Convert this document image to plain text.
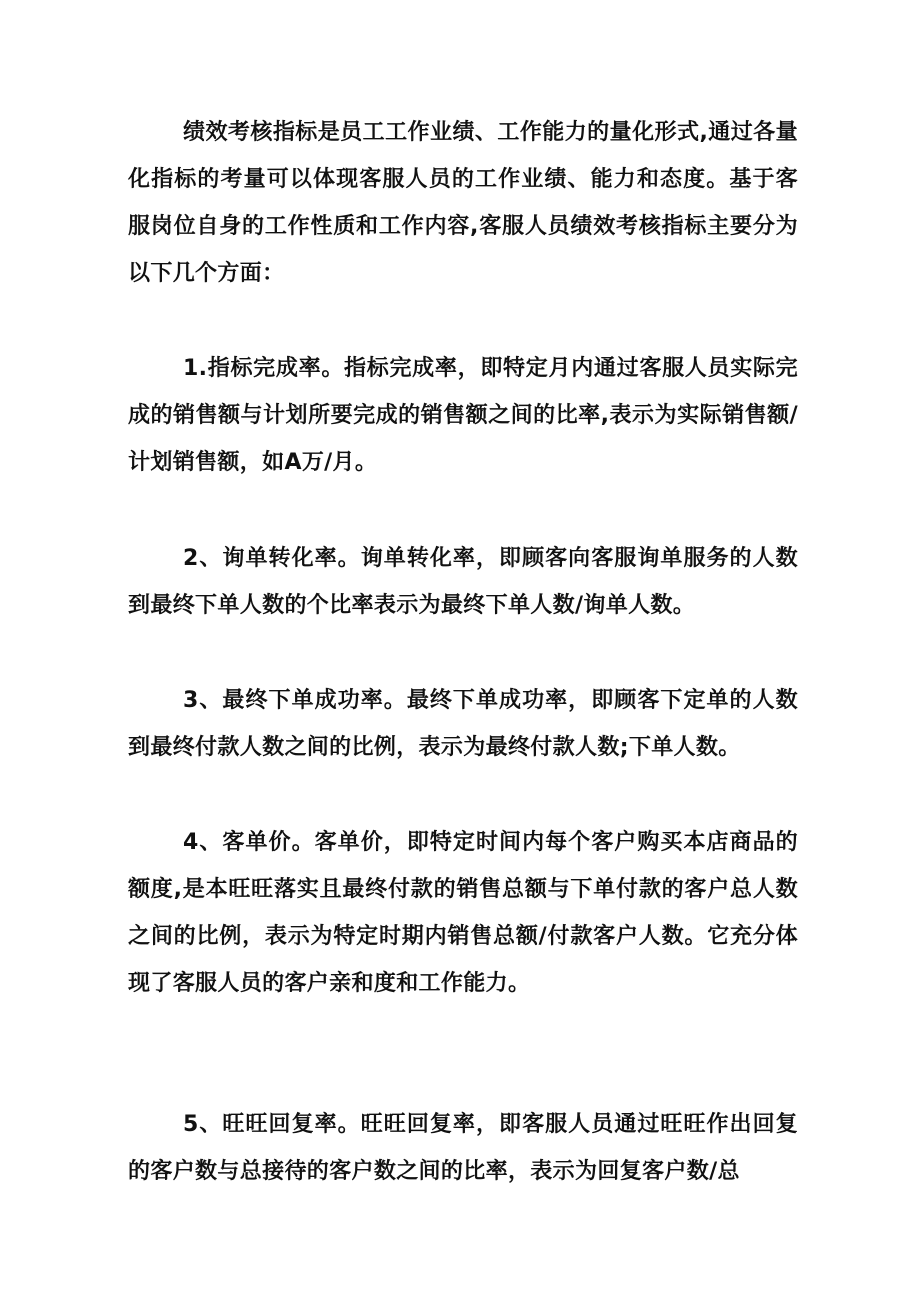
绩效考核指标是员工工作业绩、工作能力的量化形式,通过各量化指标的考量可以体现客服人员的工作业绩、能力和态度。基于客服岗位自身的工作性质和工作内容,客服人员绩效考核指标主要分为以下几个方面：

1.指标完成率。指标完成率，即特定月内通过客服人员实际完成的销售额与计划所要完成的销售额之间的比率,表示为实际销售额/计划销售额，如A万/月。

2、询单转化率。询单转化率，即顾客向客服询单服务的人数到最终下单人数的个比率表示为最终下单人数/询单人数。

3、最终下单成功率。最终下单成功率，即顾客下定单的人数到最终付款人数之间的比例，表示为最终付款人数;下单人数。

4、客单价。客单价，即特定时间内每个客户购买本店商品的额度,是本旺旺落实且最终付款的销售总额与下单付款的客户总人数之间的比例，表示为特定时期内销售总额/付款客户人数。它充分体现了客服人员的客户亲和度和工作能力。

5、旺旺回复率。旺旺回复率，即客服人员通过旺旺作出回复的客户数与总接待的客户数之间的比率，表示为回复客户数/总
